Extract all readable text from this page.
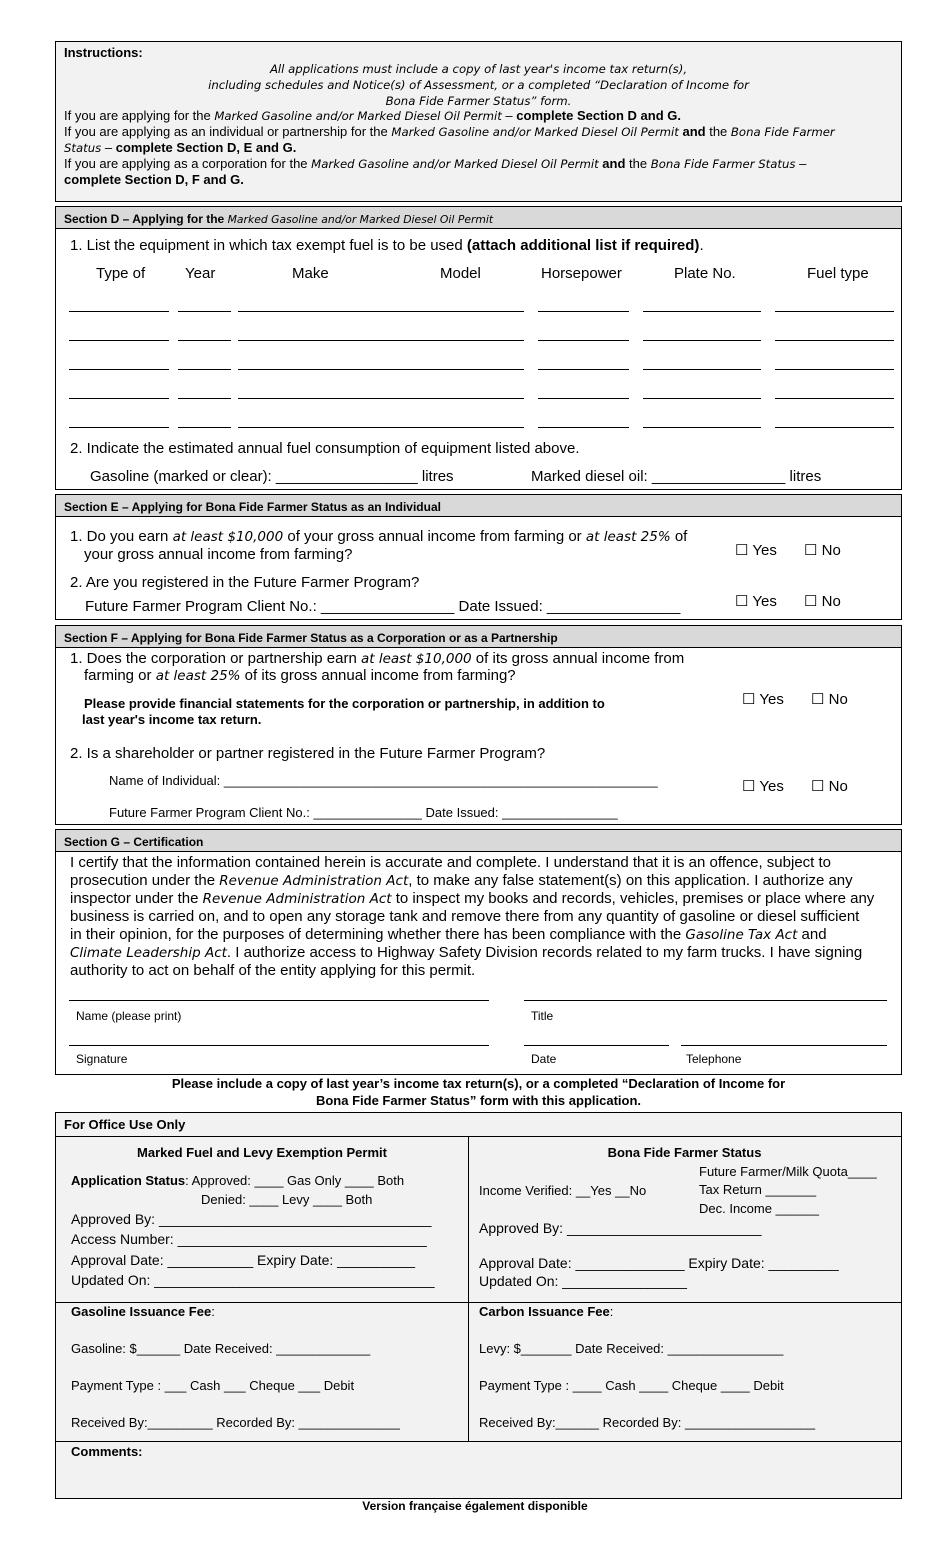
Instructions:
All applications must include a copy of last year's income tax return(s),
including schedules and Notice(s) of Assessment, or a completed “Declaration of Income for
Bona Fide Farmer Status” form.
If you are applying for the Marked Gasoline and/or Marked Diesel Oil Permit – complete Section D and G.
If you are applying as an individual or partnership for the Marked Gasoline and/or Marked Diesel Oil Permit and the Bona Fide Farmer
Status – complete Section D, E and G.
If you are applying as a corporation for the Marked Gasoline and/or Marked Diesel Oil Permit and the Bona Fide Farmer Status –
complete Section D, F and G.
Section D – Applying for the Marked Gasoline and/or Marked Diesel Oil Permit
1. List the equipment in which tax exempt fuel is to be used (attach additional list if required).
Type of	Year	Make	Model	Horsepower	Plate No.	Fuel type
2. Indicate the estimated annual fuel consumption of equipment listed above.
Gasoline (marked or clear): _________________ litres	Marked diesel oil: ________________ litres
Section E – Applying for Bona Fide Farmer Status as an Individual
1. Do you earn at least $10,000 of your gross annual income from farming or at least 25% of
your gross annual income from farming?	☐ Yes ☐ No
2. Are you registered in the Future Farmer Program?
Future Farmer Program Client No.: ________________ Date Issued: ________________	☐ Yes ☐ No
Section F – Applying for Bona Fide Farmer Status as a Corporation or as a Partnership
1. Does the corporation or partnership earn at least $10,000 of its gross annual income from
farming or at least 25% of its gross annual income from farming?
Please provide financial statements for the corporation or partnership, in addition to
last year's income tax return.
☐ Yes ☐ No
2. Is a shareholder or partner registered in the Future Farmer Program?
Name of Individual: ____________________________________________________________	☐ Yes ☐ No
Future Farmer Program Client No.: _______________ Date Issued: ________________
Section G – Certification
I certify that the information contained herein is accurate and complete. I understand that it is an offence, subject to
prosecution under the Revenue Administration Act, to make any false statement(s) on this application. I authorize any
inspector under the Revenue Administration Act to inspect my books and records, vehicles, premises or place where any
business is carried on, and to open any storage tank and remove there from any quantity of gasoline or diesel sufficient
in their opinion, for the purposes of determining whether there has been compliance with the Gasoline Tax Act and
Climate Leadership Act. I authorize access to Highway Safety Division records related to my farm trucks. I have signing
authority to act on behalf of the entity applying for this permit.
Name (please print)	Title
Signature	Date	Telephone
Please include a copy of last year’s income tax return(s), or a completed “Declaration of Income for
Bona Fide Farmer Status” form with this application.
For Office Use Only
Marked Fuel and Levy Exemption Permit
Application Status: Approved: ____ Gas Only ____ Both
Denied: ____ Levy ____ Both
Approved By: ___________________________________
Access Number: ________________________________
Approval Date: ___________ Expiry Date: __________
Updated On: ____________________________________
Bona Fide Farmer Status
Future Farmer/Milk Quota____
Income Verified: __Yes __No	Tax Return _______
Dec. Income ______
Approved By: _________________________
Approval Date: ______________ Expiry Date: _________
Updated On: ________________
Gasoline Issuance Fee:
Gasoline: $______ Date Received: _____________
Payment Type : ___ Cash ___ Cheque ___ Debit
Received By:_________ Recorded By: ______________
Carbon Issuance Fee:
Levy: $_______ Date Received: ________________
Payment Type : ____ Cash ____ Cheque ____ Debit
Received By:______ Recorded By: __________________
Comments:
Version française également disponible
